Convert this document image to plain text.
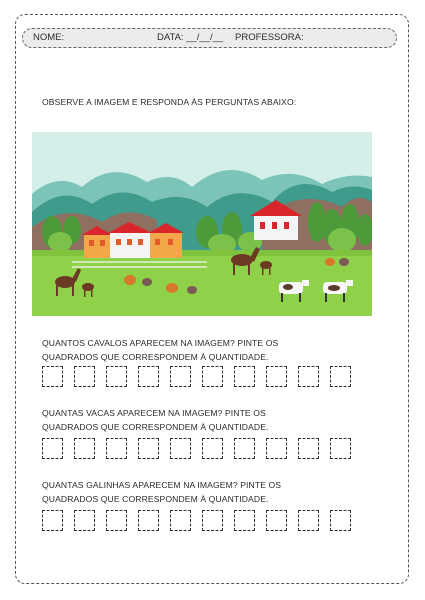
NOME:	DATA: __/__/__ PROFESSORA:
OBSERVE A IMAGEM E RESPONDA ÀS PERGUNTAS ABAIXO:
QUANTOS CAVALOS APARECEM NA IMAGEM? PINTE OS
QUADRADOS QUE CORRESPONDEM À QUANTIDADE.
QUANTAS VACAS APARECEM NA IMAGEM? PINTE OS
QUADRADOS QUE CORRESPONDEM À QUANTIDADE.
QUANTAS GALINHAS APARECEM NA IMAGEM? PINTE OS
QUADRADOS QUE CORRESPONDEM À QUANTIDADE.
